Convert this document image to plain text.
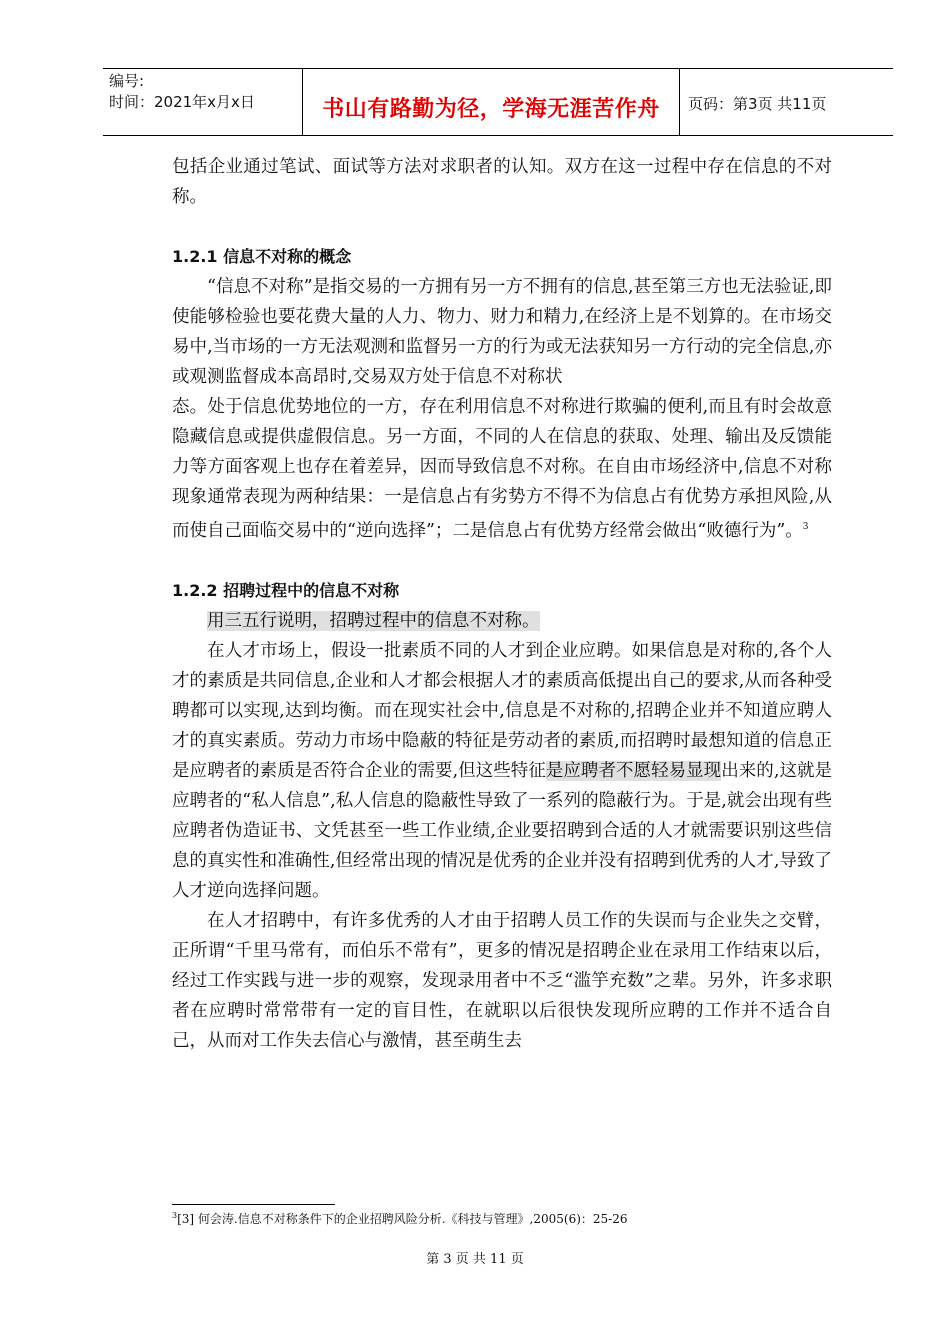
编号:
时间：2021年x月x日	书山有路勤为径，学海无涯苦作舟	页码：第3页 共11页

包括企业通过笔试、面试等方法对求职者的认知。双方在这一过程中存在信息的不对称。

1.2.1 信息不对称的概念

“信息不对称”是指交易的一方拥有另一方不拥有的信息,甚至第三方也无法验证,即使能够检验也要花费大量的人力、物力、财力和精力,在经济上是不划算的。在市场交易中,当市场的一方无法观测和监督另一方的行为或无法获知另一方行动的完全信息,亦或观测监督成本高昂时,交易双方处于信息不对称状

态。处于信息优势地位的一方，存在利用信息不对称进行欺骗的便利,而且有时会故意隐藏信息或提供虚假信息。另一方面，不同的人在信息的获取、处理、输出及反馈能力等方面客观上也存在着差异，因而导致信息不对称。在自由市场经济中,信息不对称现象通常表现为两种结果：一是信息占有劣势方不得不为信息占有优势方承担风险,从而使自己面临交易中的“逆向选择”；二是信息占有优势方经常会做出“败德行为”。$^3$

1.2.2 招聘过程中的信息不对称

用三五行说明，招聘过程中的信息不对称。

在人才市场上，假设一批素质不同的人才到企业应聘。如果信息是对称的,各个人才的素质是共同信息,企业和人才都会根据人才的素质高低提出自己的要求,从而各种受聘都可以实现,达到均衡。而在现实社会中,信息是不对称的,招聘企业并不知道应聘人才的真实素质。劳动力市场中隐蔽的特征是劳动者的素质,而招聘时最想知道的信息正是应聘者的素质是否符合企业的需要,但这些特征是应聘者不愿轻易显现出来的,这就是应聘者的“私人信息”,私人信息的隐蔽性导致了一系列的隐蔽行为。于是,就会出现有些应聘者伪造证书、文凭甚至一些工作业绩,企业要招聘到合适的人才就需要识别这些信息的真实性和准确性,但经常出现的情况是优秀的企业并没有招聘到优秀的人才,导致了人才逆向选择问题。

在人才招聘中，有许多优秀的人才由于招聘人员工作的失误而与企业失之交臂，正所谓“千里马常有，而伯乐不常有”，更多的情况是招聘企业在录用工作结束以后，经过工作实践与进一步的观察，发现录用者中不乏“滥竽充数”之辈。另外，许多求职者在应聘时常常带有一定的盲目性，在就职以后很快发现所应聘的工作并不适合自己，从而对工作失去信心与激情，甚至萌生去

$^3$[3] 何会涛.信息不对称条件下的企业招聘风险分析.《科技与管理》,2005(6)：25-26
第 3 页 共 11 页
